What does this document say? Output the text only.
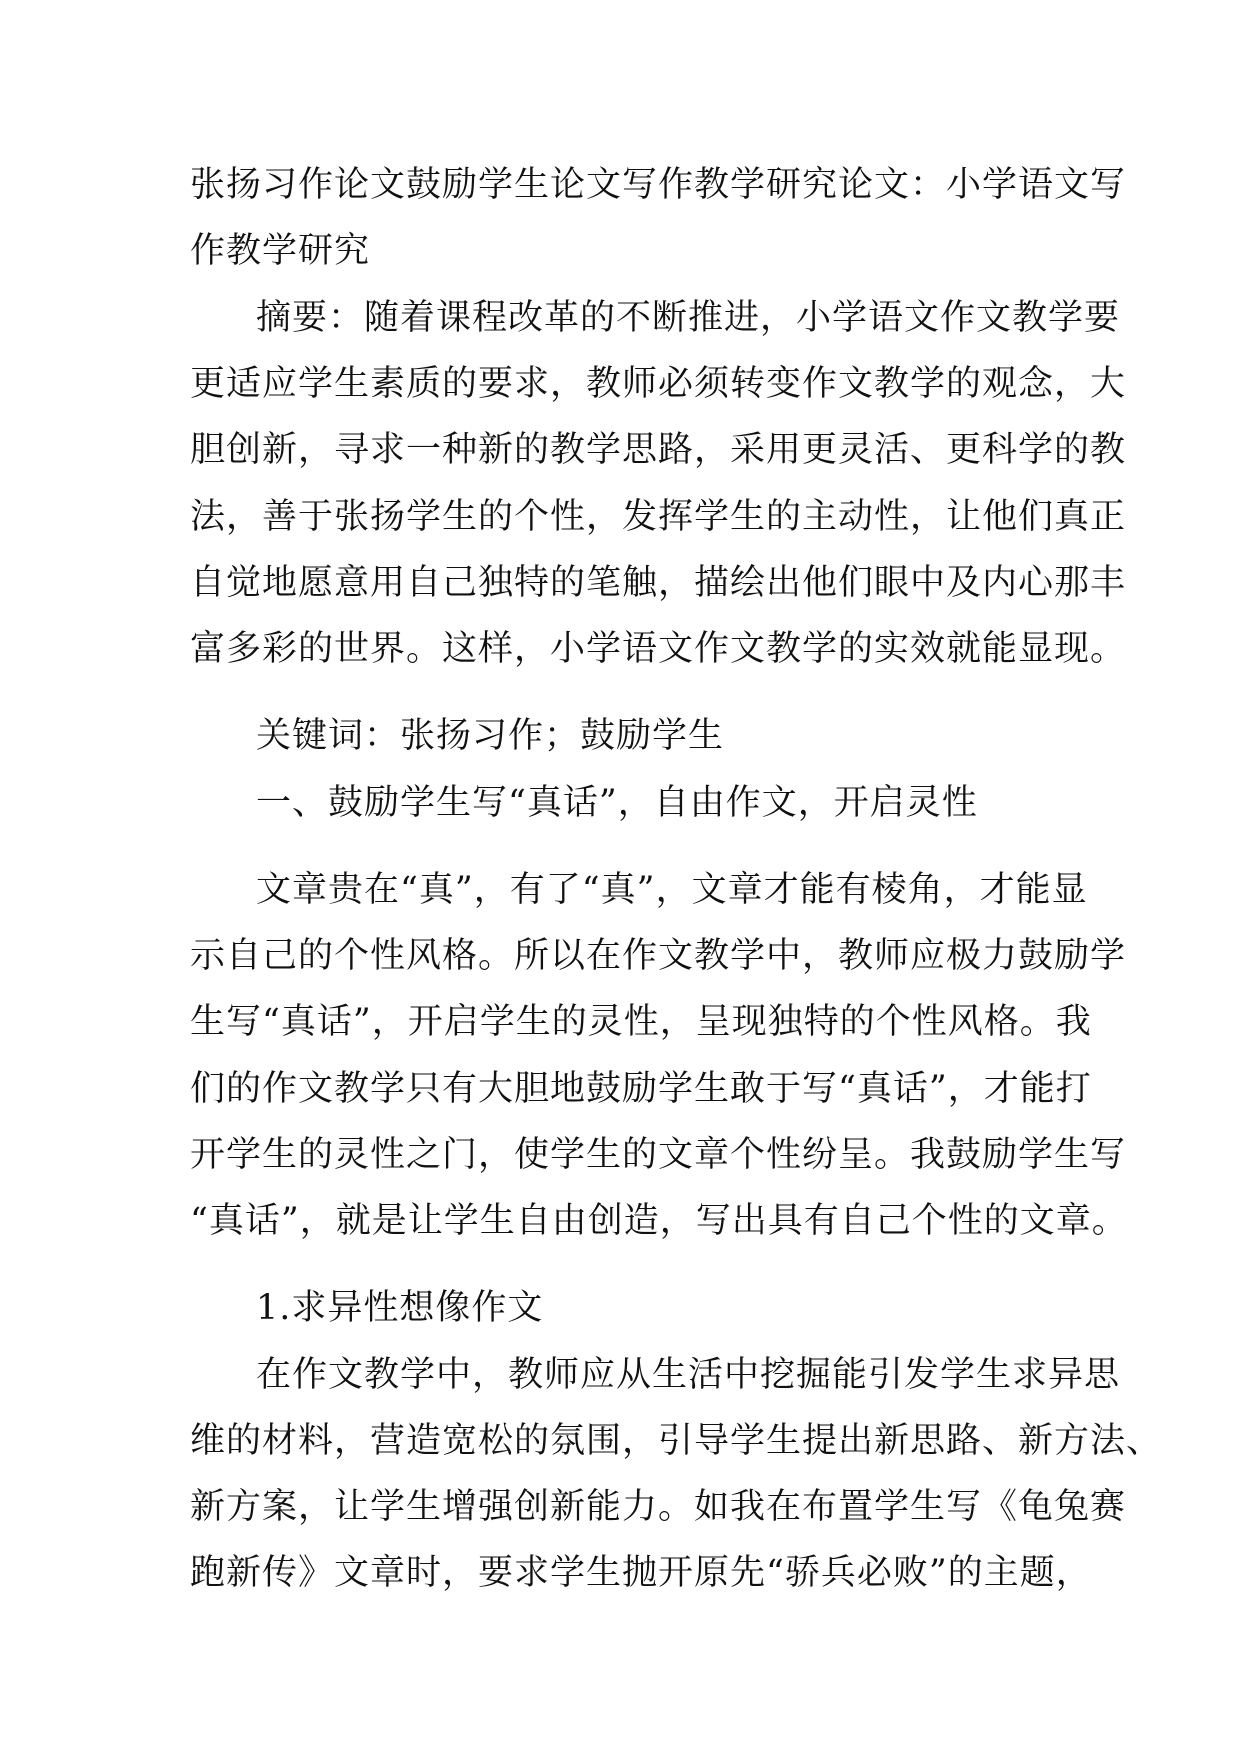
张扬习作论文鼓励学生论文写作教学研究论文：小学语文写
作教学研究
摘要：随着课程改革的不断推进，小学语文作文教学要
更适应学生素质的要求，教师必须转变作文教学的观念，大
胆创新，寻求一种新的教学思路，采用更灵活、更科学的教
法，善于张扬学生的个性，发挥学生的主动性，让他们真正
自觉地愿意用自己独特的笔触，描绘出他们眼中及内心那丰
富多彩的世界。这样，小学语文作文教学的实效就能显现。
关键词：张扬习作；鼓励学生
一、鼓励学生写“真话”，自由作文，开启灵性
文章贵在“真”，有了“真”，文章才能有棱角，才能显
示自己的个性风格。所以在作文教学中，教师应极力鼓励学
生写“真话”，开启学生的灵性，呈现独特的个性风格。我
们的作文教学只有大胆地鼓励学生敢于写“真话”，才能打
开学生的灵性之门，使学生的文章个性纷呈。我鼓励学生写
“真话”，就是让学生自由创造，写出具有自己个性的文章。
1.求异性想像作文
在作文教学中，教师应从生活中挖掘能引发学生求异思
维的材料，营造宽松的氛围，引导学生提出新思路、新方法、
新方案，让学生增强创新能力。如我在布置学生写《龟兔赛
跑新传》文章时，要求学生抛开原先“骄兵必败”的主题，
